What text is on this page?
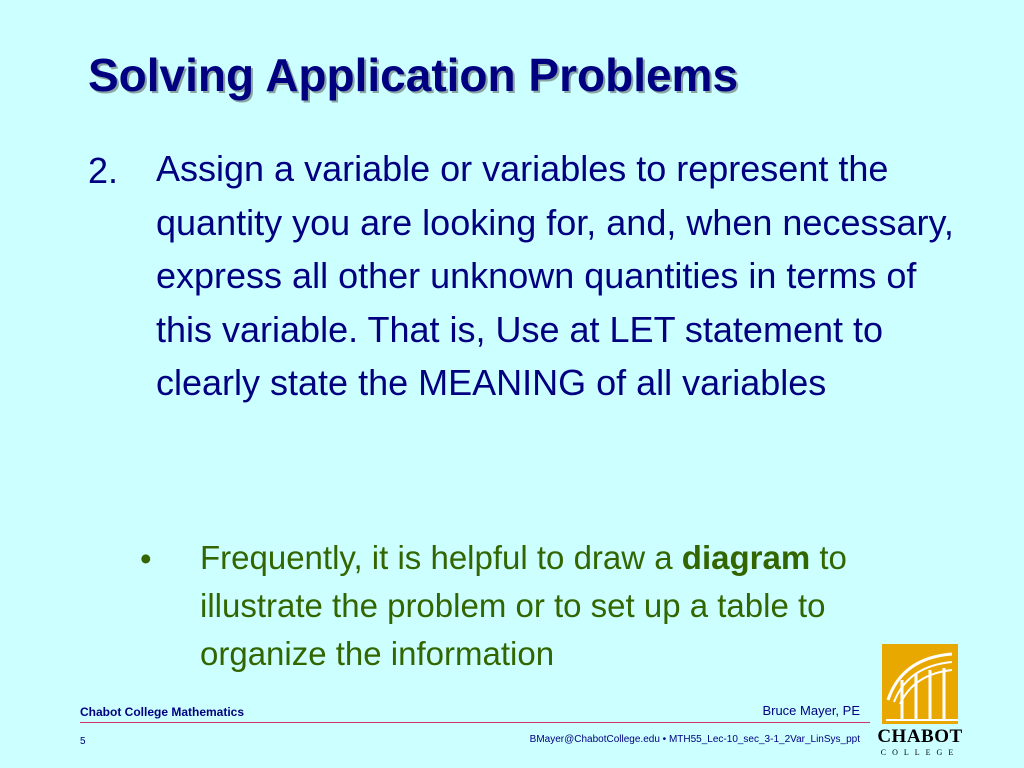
Solving Application Problems
2. Assign a variable or variables to represent the quantity you are looking for, and, when necessary, express all other unknown quantities in terms of this variable. That is, Use at LET statement to clearly state the MEANING of all variables
• Frequently, it is helpful to draw a diagram to illustrate the problem or to set up a table to organize the information
Chabot College Mathematics	Bruce Mayer, PE
5	BMayer@ChabotCollege.edu • MTH55_Lec-10_sec_3-1_2Var_LinSys_ppt CHABOT
COLLEGE
